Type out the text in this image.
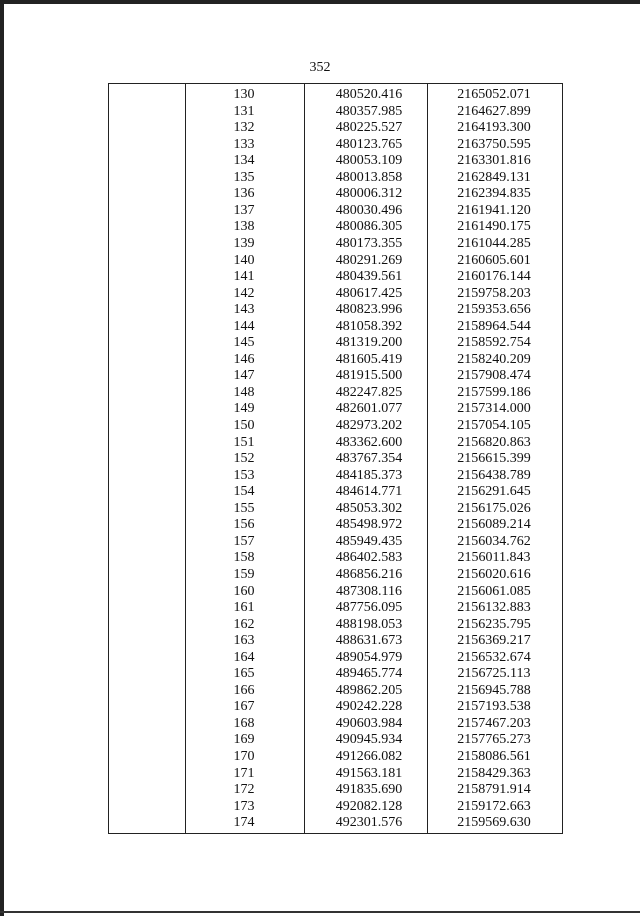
352
130	480520.416	2165052.071
131	480357.985	2164627.899
132	480225.527	2164193.300
133	480123.765	2163750.595
134	480053.109	2163301.816
135	480013.858	2162849.131
136	480006.312	2162394.835
137	480030.496	2161941.120
138	480086.305	2161490.175
139	480173.355	2161044.285
140	480291.269	2160605.601
141	480439.561	2160176.144
142	480617.425	2159758.203
143	480823.996	2159353.656
144	481058.392	2158964.544
145	481319.200	2158592.754
146	481605.419	2158240.209
147	481915.500	2157908.474
148	482247.825	2157599.186
149	482601.077	2157314.000
150	482973.202	2157054.105
151	483362.600	2156820.863
152	483767.354	2156615.399
153	484185.373	2156438.789
154	484614.771	2156291.645
155	485053.302	2156175.026
156	485498.972	2156089.214
157	485949.435	2156034.762
158	486402.583	2156011.843
159	486856.216	2156020.616
160	487308.116	2156061.085
161	487756.095	2156132.883
162	488198.053	2156235.795
163	488631.673	2156369.217
164	489054.979	2156532.674
165	489465.774	2156725.113
166	489862.205	2156945.788
167	490242.228	2157193.538
168	490603.984	2157467.203
169	490945.934	2157765.273
170	491266.082	2158086.561
171	491563.181	2158429.363
172	491835.690	2158791.914
173	492082.128	2159172.663
174	492301.576	2159569.630
